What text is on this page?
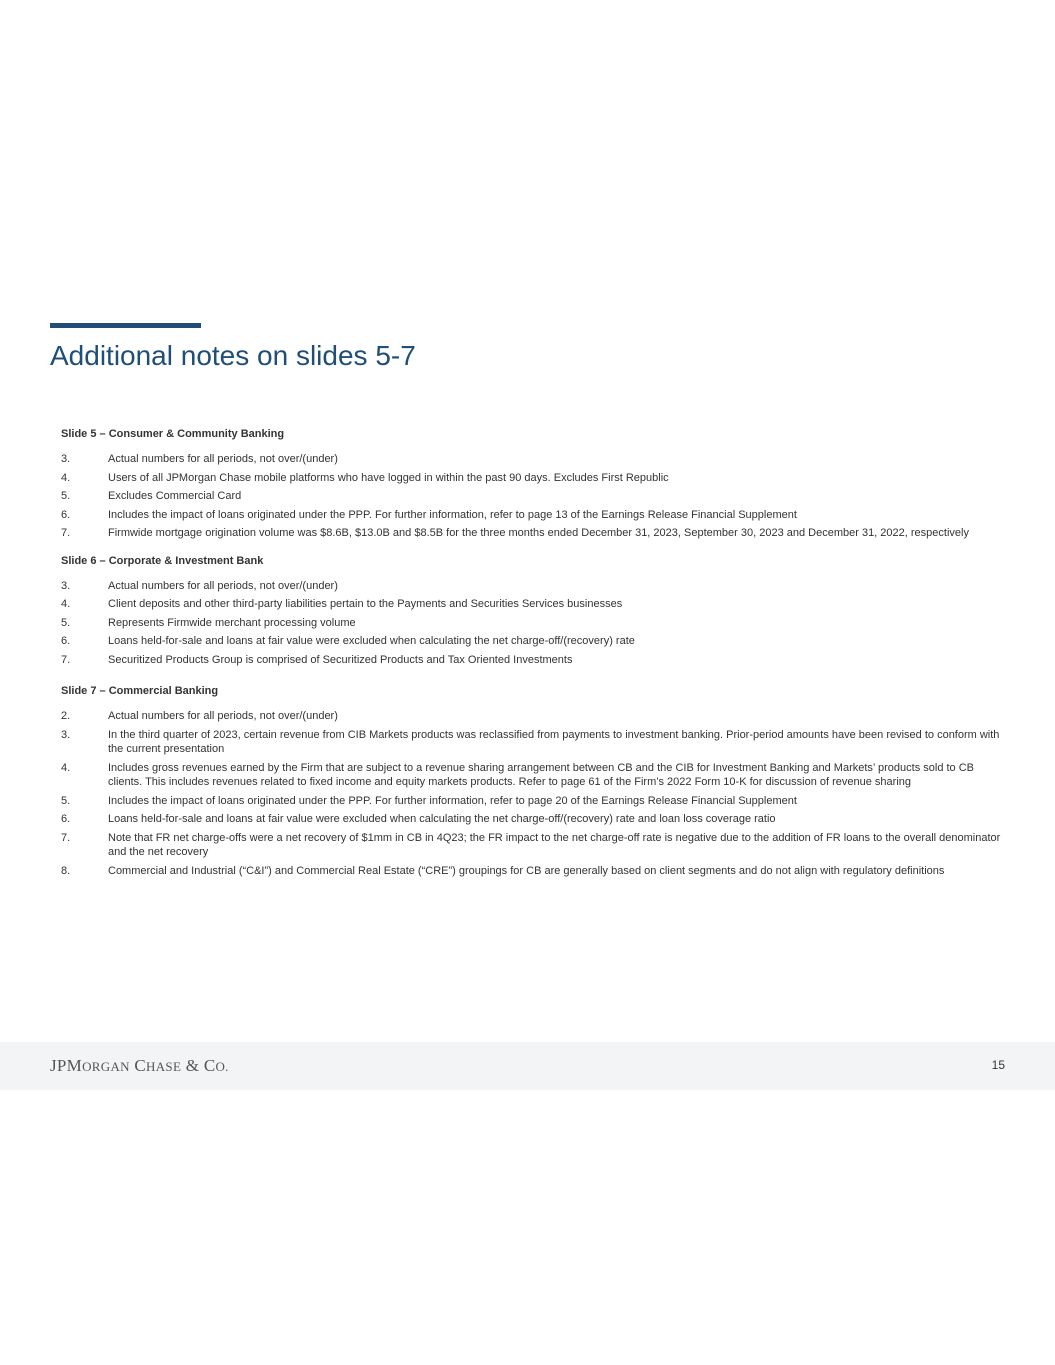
Additional notes on slides 5-7

Slide 5 – Consumer & Community Banking

3.	Actual numbers for all periods, not over/(under)
4.	Users of all JPMorgan Chase mobile platforms who have logged in within the past 90 days. Excludes First Republic
5.	Excludes Commercial Card
6.	Includes the impact of loans originated under the PPP. For further information, refer to page 13 of the Earnings Release Financial Supplement
7.	Firmwide mortgage origination volume was $8.6B, $13.0B and $8.5B for the three months ended December 31, 2023, September 30, 2023 and December 31, 2022, respectively

Slide 6 – Corporate & Investment Bank

3.	Actual numbers for all periods, not over/(under)
4.	Client deposits and other third-party liabilities pertain to the Payments and Securities Services businesses
5.	Represents Firmwide merchant processing volume
6.	Loans held-for-sale and loans at fair value were excluded when calculating the net charge-off/(recovery) rate
7.	Securitized Products Group is comprised of Securitized Products and Tax Oriented Investments

Slide 7 – Commercial Banking

2.	Actual numbers for all periods, not over/(under)
3.	In the third quarter of 2023, certain revenue from CIB Markets products was reclassified from payments to investment banking. Prior-period amounts have been revised to conform with the current presentation
4.	Includes gross revenues earned by the Firm that are subject to a revenue sharing arrangement between CB and the CIB for Investment Banking and Markets’ products sold to CB clients. This includes revenues related to fixed income and equity markets products. Refer to page 61 of the Firm’s 2022 Form 10-K for discussion of revenue sharing
5.	Includes the impact of loans originated under the PPP. For further information, refer to page 20 of the Earnings Release Financial Supplement
6.	Loans held-for-sale and loans at fair value were excluded when calculating the net charge-off/(recovery) rate and loan loss coverage ratio
7.	Note that FR net charge-offs were a net recovery of $1mm in CB in 4Q23; the FR impact to the net charge-off rate is negative due to the addition of FR loans to the overall denominator and the net recovery
8.	Commercial and Industrial (“C&I”) and Commercial Real Estate (“CRE”) groupings for CB are generally based on client segments and do not align with regulatory definitions
JPMORGAN CHASE & CO.	15
